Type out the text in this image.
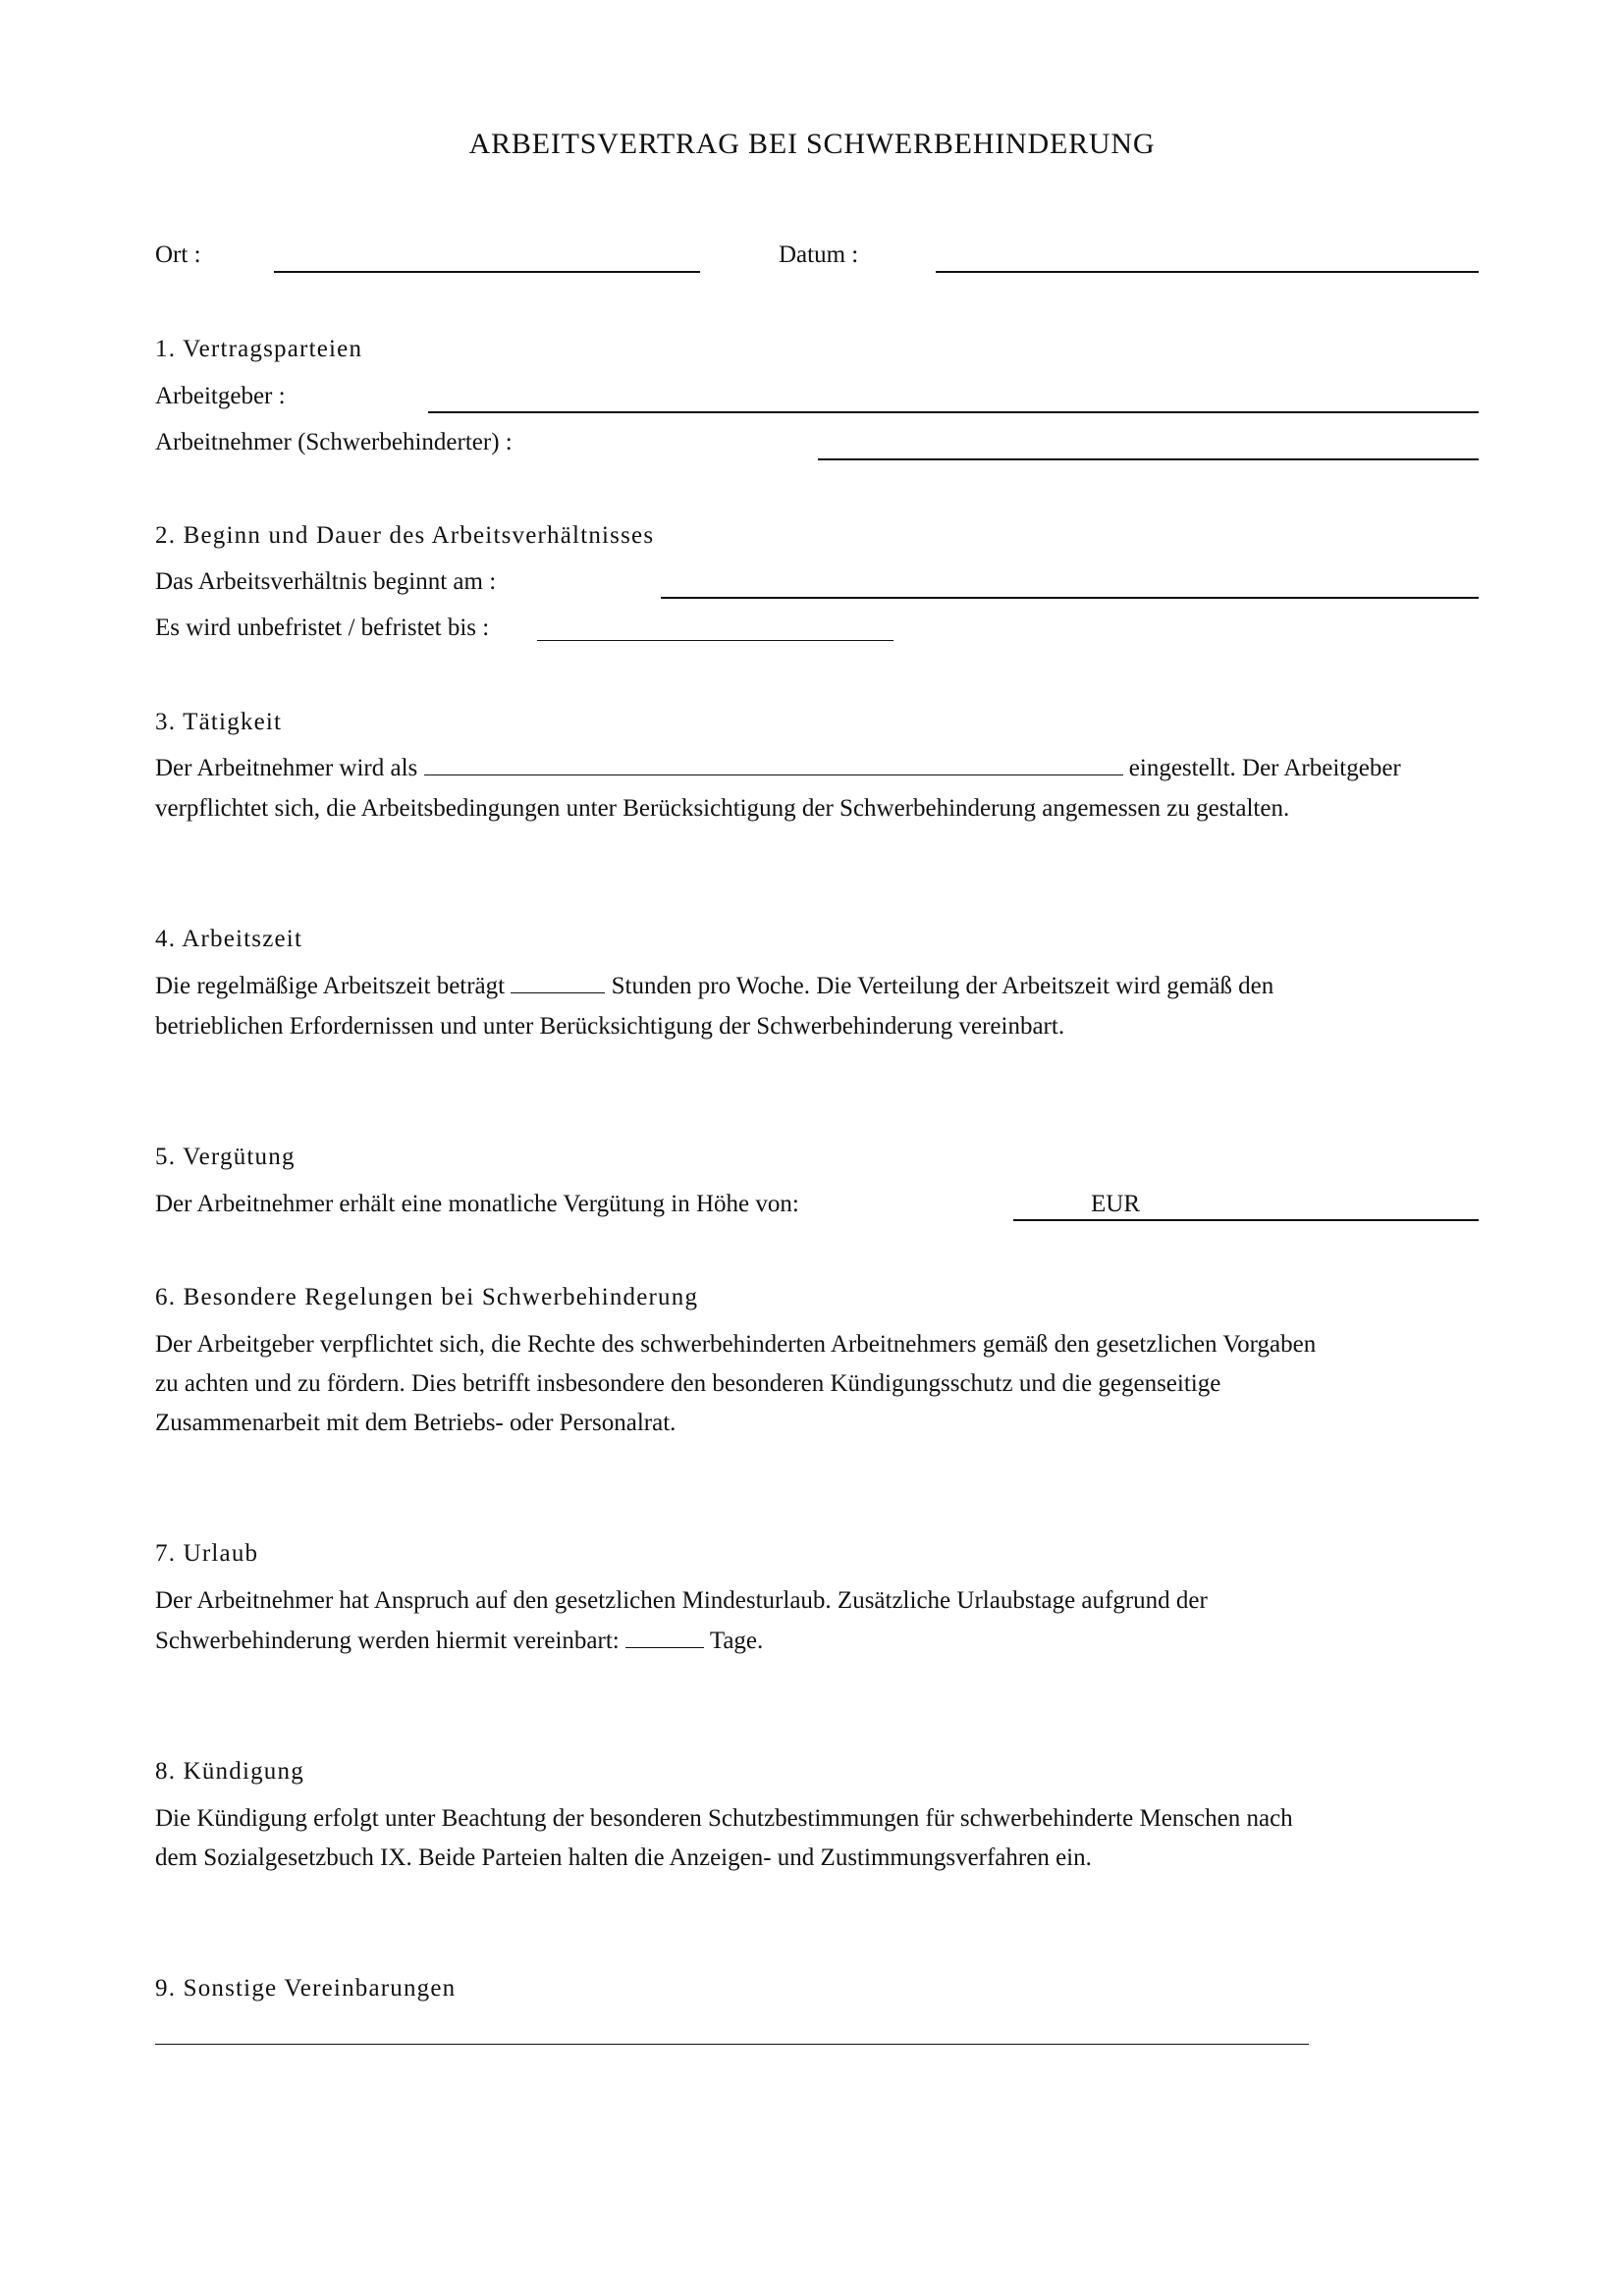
ARBEITSVERTRAG BEI SCHWERBEHINDERUNG
Ort :	Datum :
1. Vertragsparteien
Arbeitgeber :
Arbeitnehmer (Schwerbehinderter) :
2. Beginn und Dauer des Arbeitsverhältnisses
Das Arbeitsverhältnis beginnt am :
Es wird unbefristet / befristet bis :
3. Tätigkeit
Der Arbeitnehmer wird als	eingestellt. Der Arbeitgeber
verpflichtet sich, die Arbeitsbedingungen unter Berücksichtigung der Schwerbehinderung angemessen zu gestalten.
4. Arbeitszeit
Die regelmäßige Arbeitszeit beträgt	Stunden pro Woche. Die Verteilung der Arbeitszeit wird gemäß den
betrieblichen Erfordernissen und unter Berücksichtigung der Schwerbehinderung vereinbart.
5. Vergütung
Der Arbeitnehmer erhält eine monatliche Vergütung in Höhe von:	EUR
6. Besondere Regelungen bei Schwerbehinderung
Der Arbeitgeber verpflichtet sich, die Rechte des schwerbehinderten Arbeitnehmers gemäß den gesetzlichen Vorgaben
zu achten und zu fördern. Dies betrifft insbesondere den besonderen Kündigungsschutz und die gegenseitige
Zusammenarbeit mit dem Betriebs- oder Personalrat.
7. Urlaub
Der Arbeitnehmer hat Anspruch auf den gesetzlichen Mindesturlaub. Zusätzliche Urlaubstage aufgrund der
Schwerbehinderung werden hiermit vereinbart:	Tage.
8. Kündigung
Die Kündigung erfolgt unter Beachtung der besonderen Schutzbestimmungen für schwerbehinderte Menschen nach
dem Sozialgesetzbuch IX. Beide Parteien halten die Anzeigen- und Zustimmungsverfahren ein.
9. Sonstige Vereinbarungen
